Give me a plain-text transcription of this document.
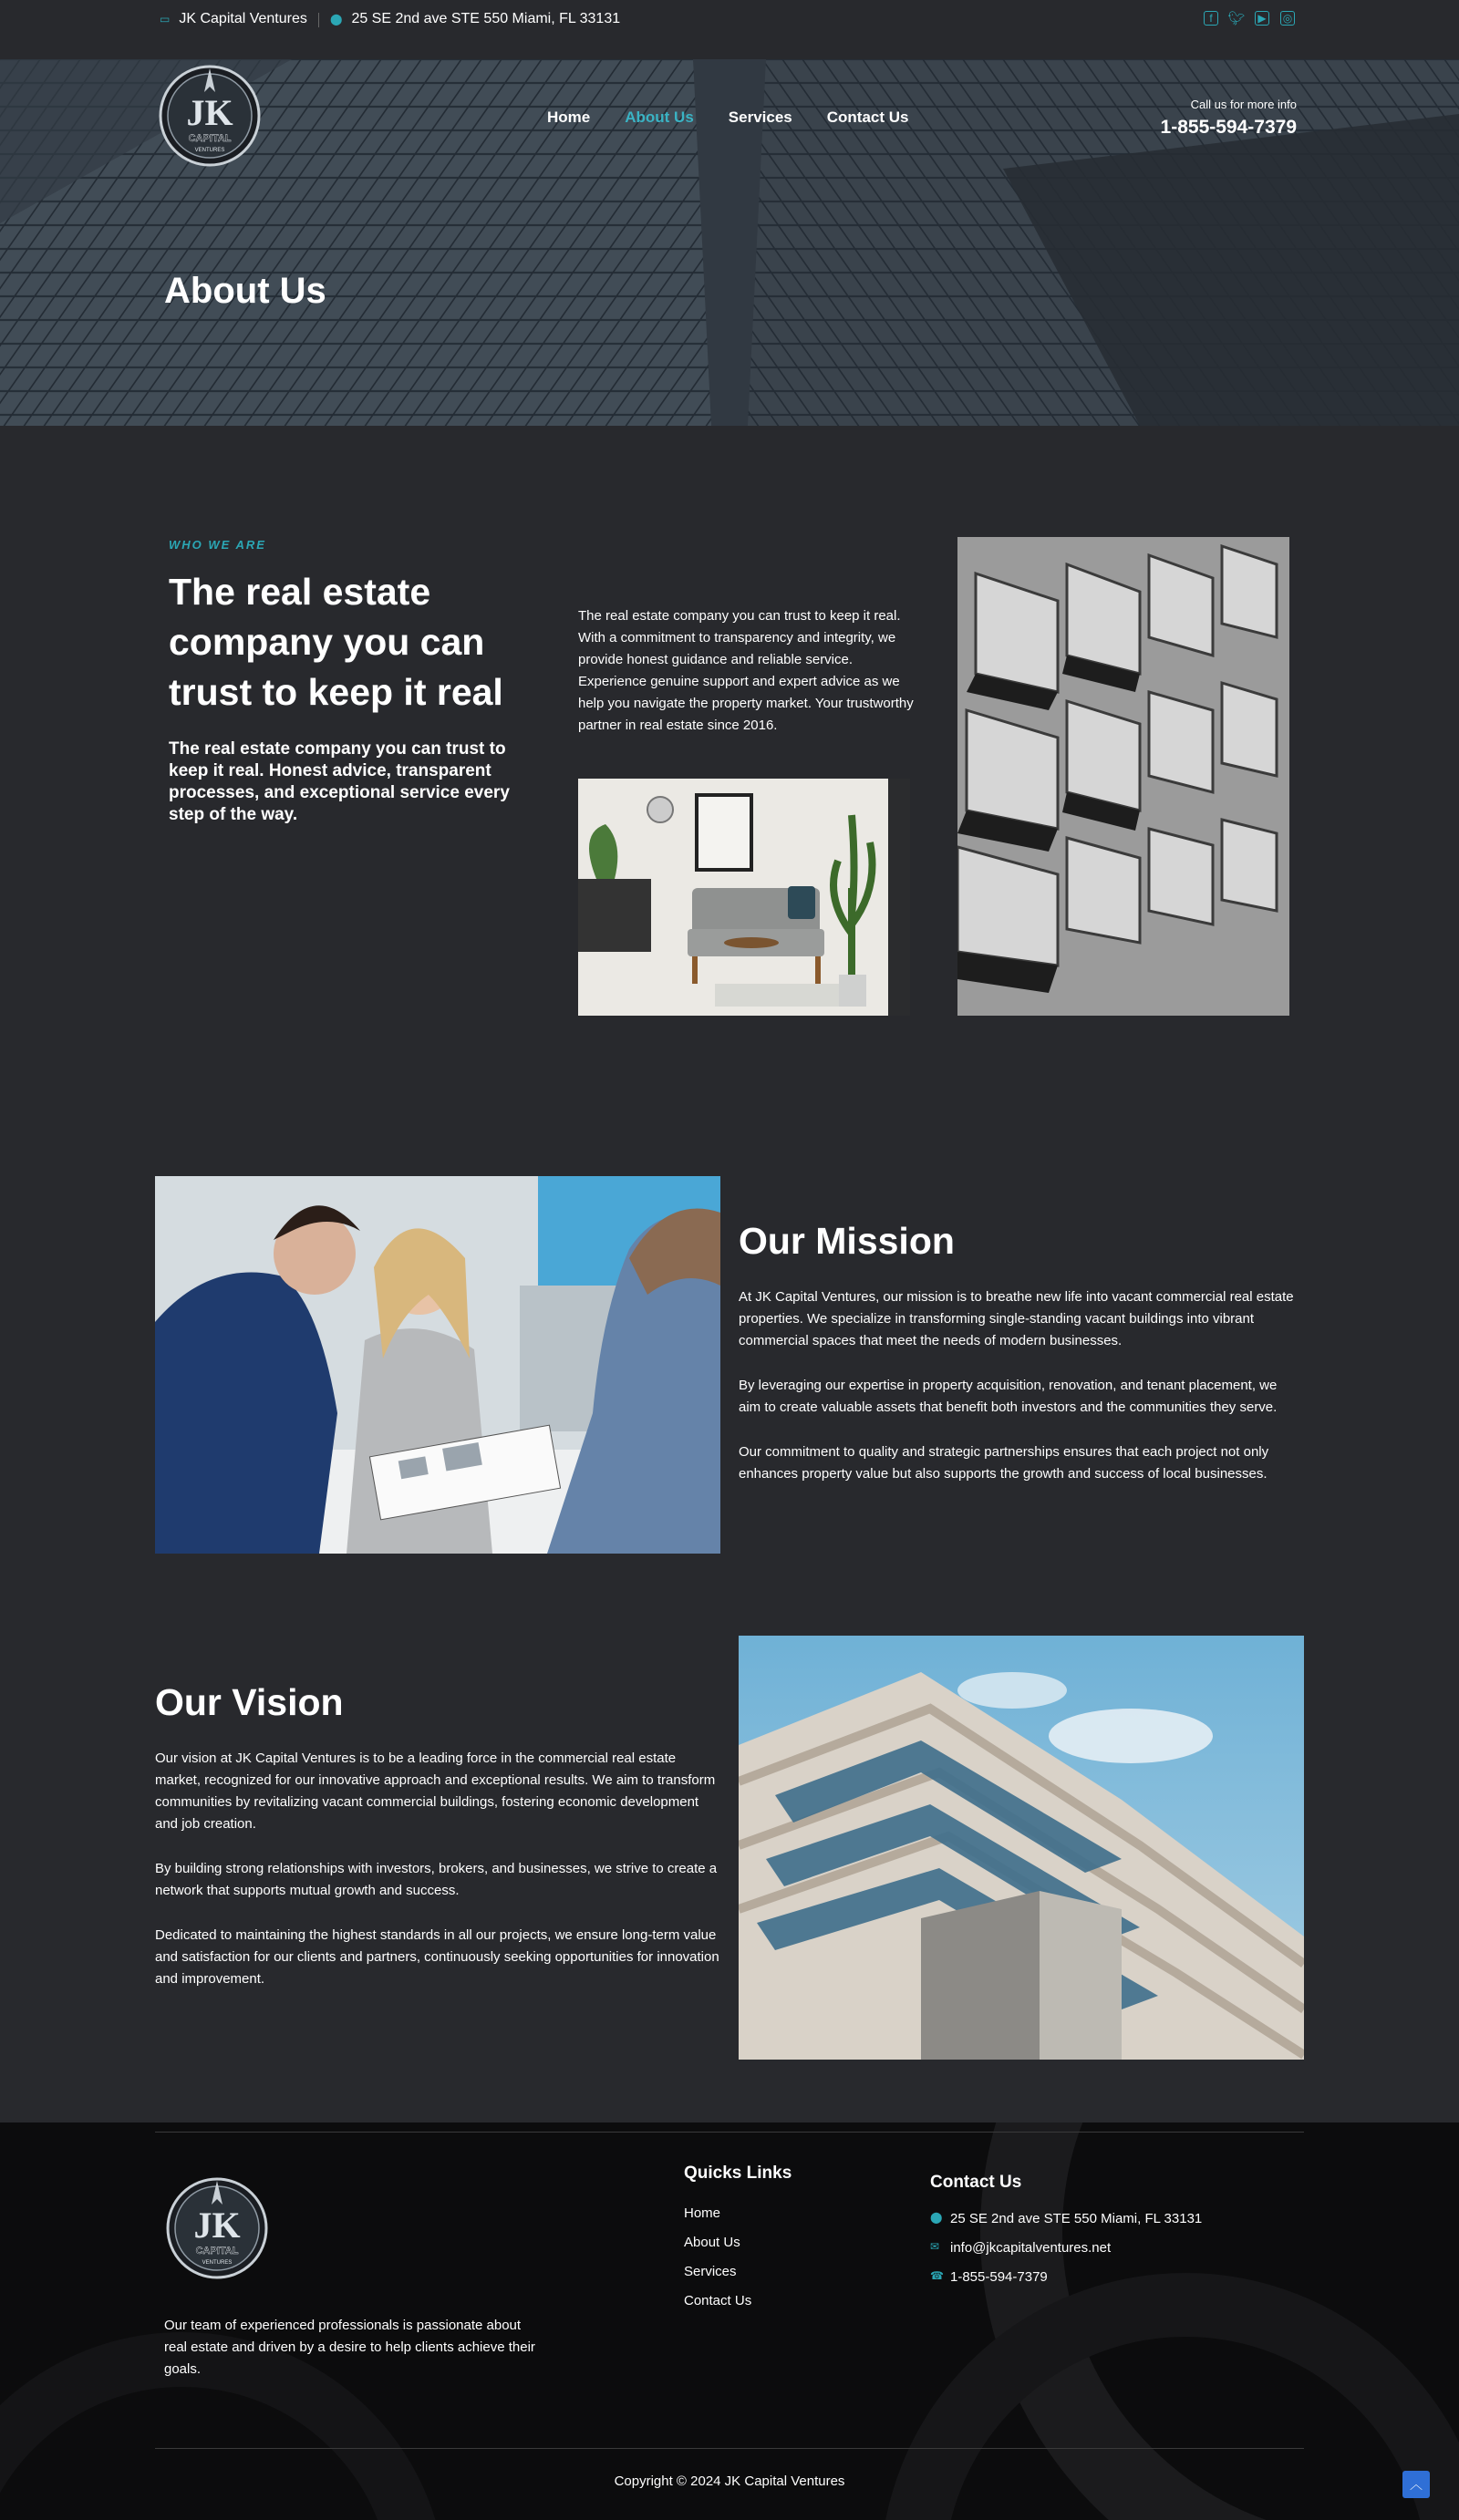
▭ JK Capital Ventures ⬤ 25 SE 2nd ave STE 550 Miami, FL 33131	f	🐦︎ ▶ ◎
JK
CAPITAL
VENTURES
Home About Us Services Contact Us
Call us for more info
1-855-594-7379
About Us
WHO WE ARE
The real estate company you can trust to keep it real
The real estate company you can trust to keep it real. Honest advice, transparent processes, and exceptional service every step of the way.
The real estate company you can trust to keep it real. With a commitment to transparency and integrity, we provide honest guidance and reliable service. Experience genuine support and expert advice as we help you navigate the property market. Your trustworthy partner in real estate since 2016.
Our Mission

At JK Capital Ventures, our mission is to breathe new life into vacant commercial real estate properties. We specialize in transforming single-standing vacant buildings into vibrant commercial spaces that meet the needs of modern businesses.

By leveraging our expertise in property acquisition, renovation, and tenant placement, we aim to create valuable assets that benefit both investors and the communities they serve.

Our commitment to quality and strategic partnerships ensures that each project not only enhances property value but also supports the growth and success of local businesses.

Our Vision

Our vision at JK Capital Ventures is to be a leading force in the commercial real estate market, recognized for our innovative approach and exceptional results. We aim to transform communities by revitalizing vacant commercial buildings, fostering economic development and job creation.

By building strong relationships with investors, brokers, and businesses, we strive to create a network that supports mutual growth and success.

Dedicated to maintaining the highest standards in all our projects, we ensure long-term value and satisfaction for our clients and partners, continuously seeking opportunities for innovation and improvement.

JK
CAPITAL
VENTURES
Our team of experienced professionals is passionate about real estate and driven by a desire to help clients achieve their goals.
Quicks Links
Home
About Us
Services
Contact Us
Contact Us
⬤ 25 SE 2nd ave STE 550 Miami, FL 33131
✉ info@jkcapitalventures.net
☎ 1-855-594-7379
Copyright © 2024 JK Capital Ventures	︿
